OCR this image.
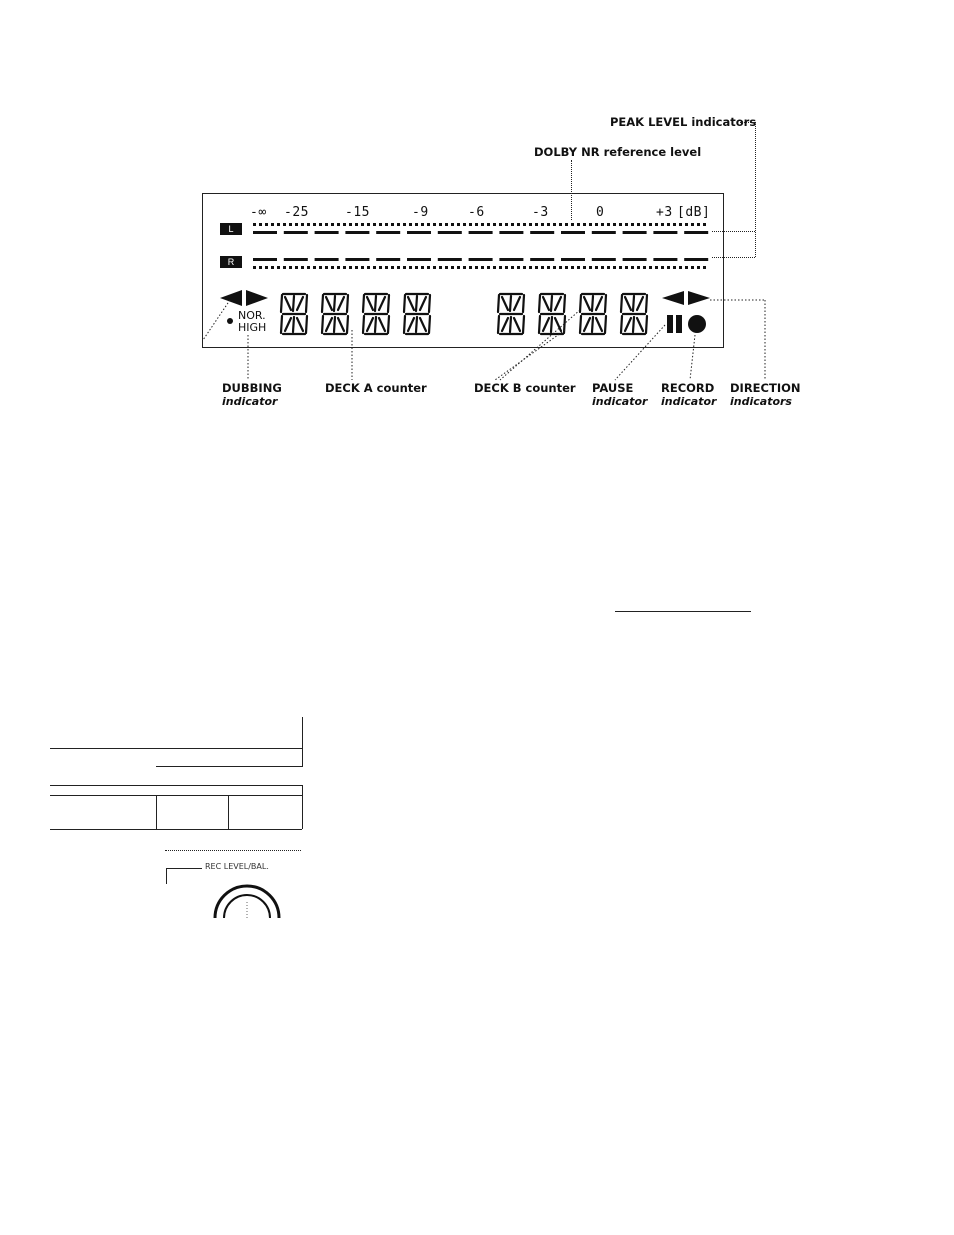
PEAK LEVEL indicators
DOLBY NR reference level
-∞ -25	-15	-9	-6	-3	0	+3 [dB]
L
R
NOR.
HIGH
DUBBING
indicator
DECK A counter	DECK B counter PAUSE
indicator
RECORD
indicator
DIRECTION
indicators
REC LEVEL/BAL.
